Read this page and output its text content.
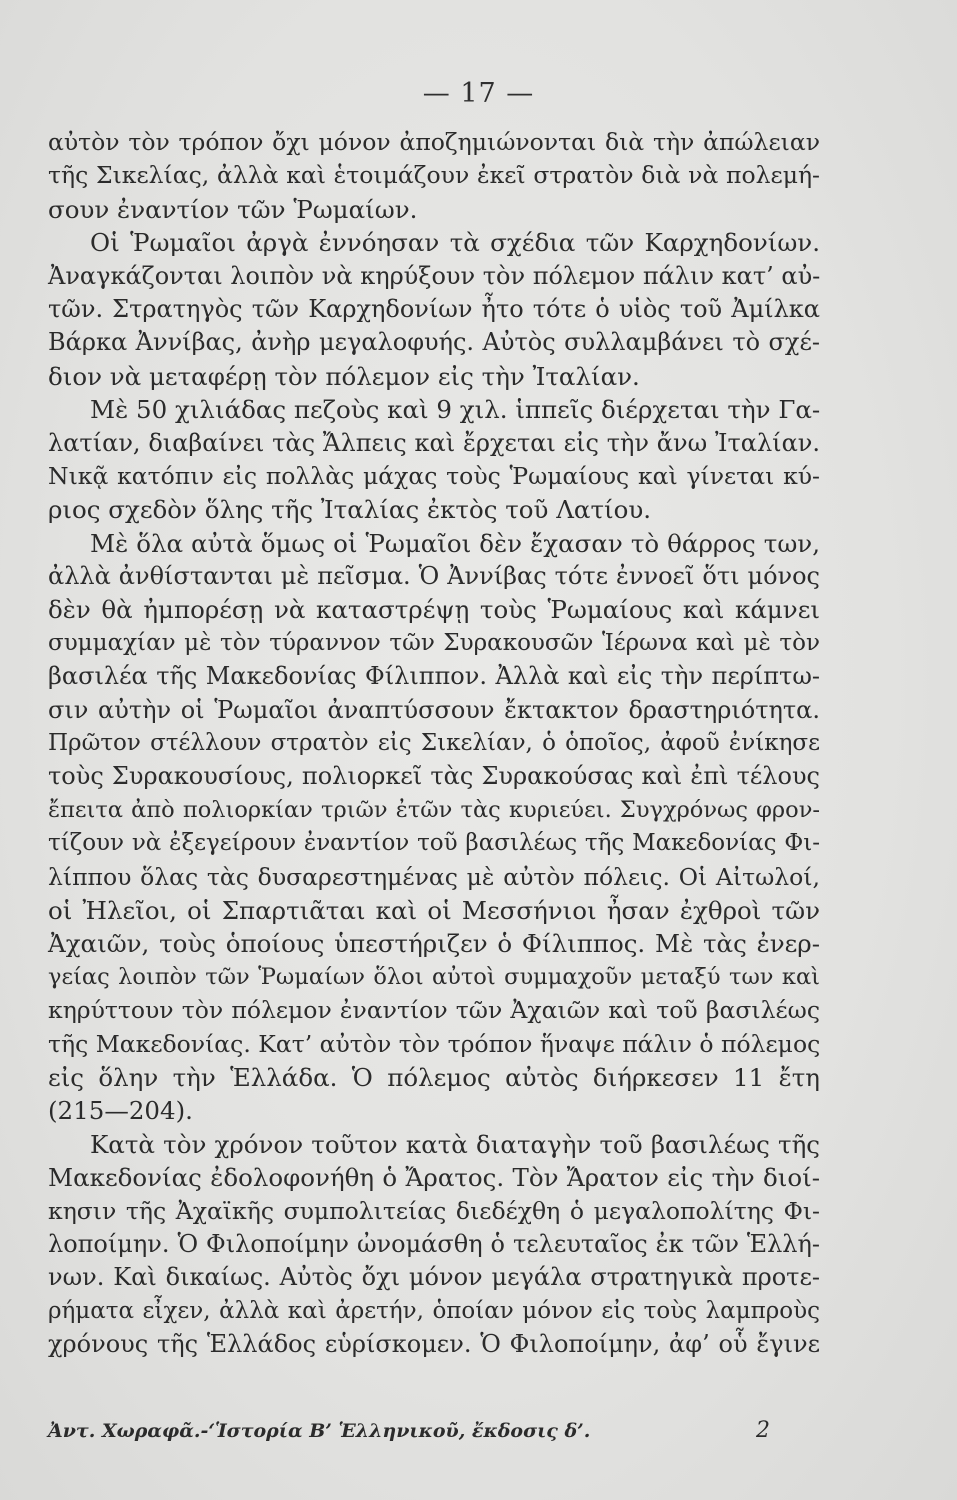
— 17 —
αὐτὸν τὸν τρόπον ὄχι μόνον ἀποζημιώνονται διὰ τὴν ἀπώλειαν
τῆς Σικελίας, ἀλλὰ καὶ ἑτοιμάζουν ἐκεῖ στρατὸν διὰ νὰ πολεμή-
σουν ἐναντίον τῶν Ῥωμαίων.
Οἱ Ῥωμαῖοι ἀργὰ ἐννόησαν τὰ σχέδια τῶν Καρχηδονίων.
Ἀναγκάζονται λοιπὸν νὰ κηρύξουν τὸν πόλεμον πάλιν κατ’ αὐ-
τῶν. Στρατηγὸς τῶν Καρχηδονίων ἦτο τότε ὁ υἱὸς τοῦ Ἀμίλκα
Βάρκα Ἀννίβας, ἀνὴρ μεγαλοφυής. Αὐτὸς συλλαμβάνει τὸ σχέ-
διον νὰ μεταφέρῃ τὸν πόλεμον εἰς τὴν Ἰταλίαν.
Μὲ 50 χιλιάδας πεζοὺς καὶ 9 χιλ. ἱππεῖς διέρχεται τὴν Γα-
λατίαν, διαβαίνει τὰς Ἄλπεις καὶ ἔρχεται εἰς τὴν ἄνω Ἰταλίαν.
Νικᾷ κατόπιν εἰς πολλὰς μάχας τοὺς Ῥωμαίους καὶ γίνεται κύ-
ριος σχεδὸν ὅλης τῆς Ἰταλίας ἐκτὸς τοῦ Λατίου.
Μὲ ὅλα αὐτὰ ὅμως οἱ Ῥωμαῖοι δὲν ἔχασαν τὸ θάρρος των,
ἀλλὰ ἀνθίστανται μὲ πεῖσμα. Ὁ Ἀννίβας τότε ἐννοεῖ ὅτι μόνος
δὲν θὰ ἠμπορέσῃ νὰ καταστρέψῃ τοὺς Ῥωμαίους καὶ κάμνει
συμμαχίαν μὲ τὸν τύραννον τῶν Συρακουσῶν Ἱέρωνα καὶ μὲ τὸν
βασιλέα τῆς Μακεδονίας Φίλιππον. Ἀλλὰ καὶ εἰς τὴν περίπτω-
σιν αὐτὴν οἱ Ῥωμαῖοι ἀναπτύσσουν ἔκτακτον δραστηριότητα.
Πρῶτον στέλλουν στρατὸν εἰς Σικελίαν, ὁ ὁποῖος, ἀφοῦ ἐνίκησε
τοὺς Συρακουσίους, πολιορκεῖ τὰς Συρακούσας καὶ ἐπὶ τέλους
ἔπειτα ἀπὸ πολιορκίαν τριῶν ἐτῶν τὰς κυριεύει. Συγχρόνως φρον-
τίζουν νὰ ἐξεγείρουν ἐναντίον τοῦ βασιλέως τῆς Μακεδονίας Φι-
λίππου ὅλας τὰς δυσαρεστημένας μὲ αὐτὸν πόλεις. Οἱ Αἰτωλοί,
οἱ Ἠλεῖοι, οἱ Σπαρτιᾶται καὶ οἱ Μεσσήνιοι ἦσαν ἐχθροὶ τῶν
Ἀχαιῶν, τοὺς ὁποίους ὑπεστήριζεν ὁ Φίλιππος. Μὲ τὰς ἐνερ-
γείας λοιπὸν τῶν Ῥωμαίων ὅλοι αὐτοὶ συμμαχοῦν μεταξύ των καὶ
κηρύττουν τὸν πόλεμον ἐναντίον τῶν Ἀχαιῶν καὶ τοῦ βασιλέως
τῆς Μακεδονίας. Κατ’ αὐτὸν τὸν τρόπον ἥναψε πάλιν ὁ πόλεμος
εἰς ὅλην τὴν Ἑλλάδα. Ὁ πόλεμος αὐτὸς διήρκεσεν 11 ἔτη
(215—204).
Κατὰ τὸν χρόνον τοῦτον κατὰ διαταγὴν τοῦ βασιλέως τῆς
Μακεδονίας ἐδολοφονήθη ὁ Ἄρατος. Τὸν Ἄρατον εἰς τὴν διοί-
κησιν τῆς Ἀχαϊκῆς συμπολιτείας διεδέχθη ὁ μεγαλοπολίτης Φι-
λοποίμην. Ὁ Φιλοποίμην ὠνομάσθη ὁ τελευταῖος ἐκ τῶν Ἑλλή-
νων. Καὶ δικαίως. Αὐτὸς ὄχι μόνον μεγάλα στρατηγικὰ προτε-
ρήματα εἶχεν, ἀλλὰ καὶ ἀρετήν, ὁποίαν μόνον εἰς τοὺς λαμπροὺς
χρόνους τῆς Ἑλλάδος εὑρίσκομεν. Ὁ Φιλοποίμην, ἀφ’ οὗ ἔγινε
Ἀντ. Χωραφᾶ.-‘Ἱστορία Β’ Ἑλληνικοῦ, ἔκδοσις δ’.	2
